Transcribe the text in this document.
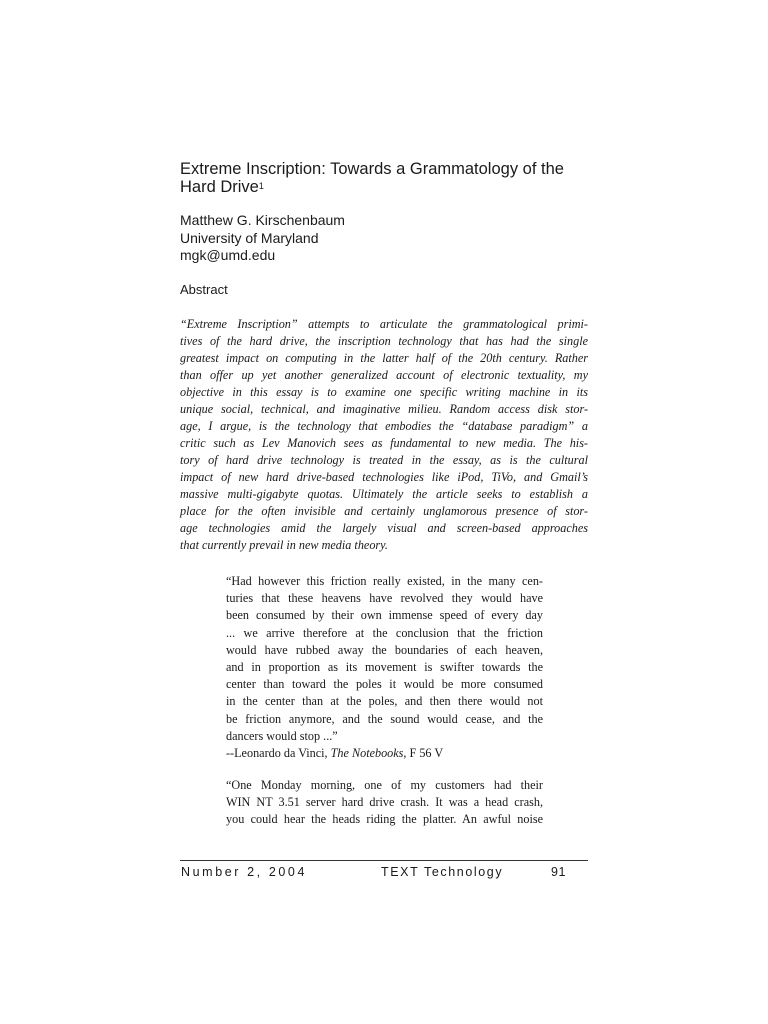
Extreme Inscription: Towards a Grammatology of the Hard Drive$^1$
Matthew G. Kirschenbaum
University of Maryland
mgk@umd.edu
Abstract
“Extreme Inscription” attempts to articulate the grammatological primi-
tives of the hard drive, the inscription technology that has had the single
greatest impact on computing in the latter half of the 20th century. Rather
than offer up yet another generalized account of electronic textuality, my
objective in this essay is to examine one specific writing machine in its
unique social, technical, and imaginative milieu. Random access disk stor-
age, I argue, is the technology that embodies the “database paradigm” a
critic such as Lev Manovich sees as fundamental to new media. The his-
tory of hard drive technology is treated in the essay, as is the cultural
impact of new hard drive-based technologies like iPod, TiVo, and Gmail’s
massive multi-gigabyte quotas. Ultimately the article seeks to establish a
place for the often invisible and certainly unglamorous presence of stor-
age technologies amid the largely visual and screen-based approaches
that currently prevail in new media theory.
“Had however this friction really existed, in the many cen-
turies that these heavens have revolved they would have
been consumed by their own immense speed of every day
... we arrive therefore at the conclusion that the friction
would have rubbed away the boundaries of each heaven,
and in proportion as its movement is swifter towards the
center than toward the poles it would be more consumed
in the center than at the poles, and then there would not
be friction anymore, and the sound would cease, and the
dancers would stop ...”
--Leonardo da Vinci, The Notebooks, F 56 V
“One Monday morning, one of my customers had their
WIN NT 3.51 server hard drive crash. It was a head crash,
you could hear the heads riding the platter. An awful noise
Number 2, 2004	TEXT Technology	91
